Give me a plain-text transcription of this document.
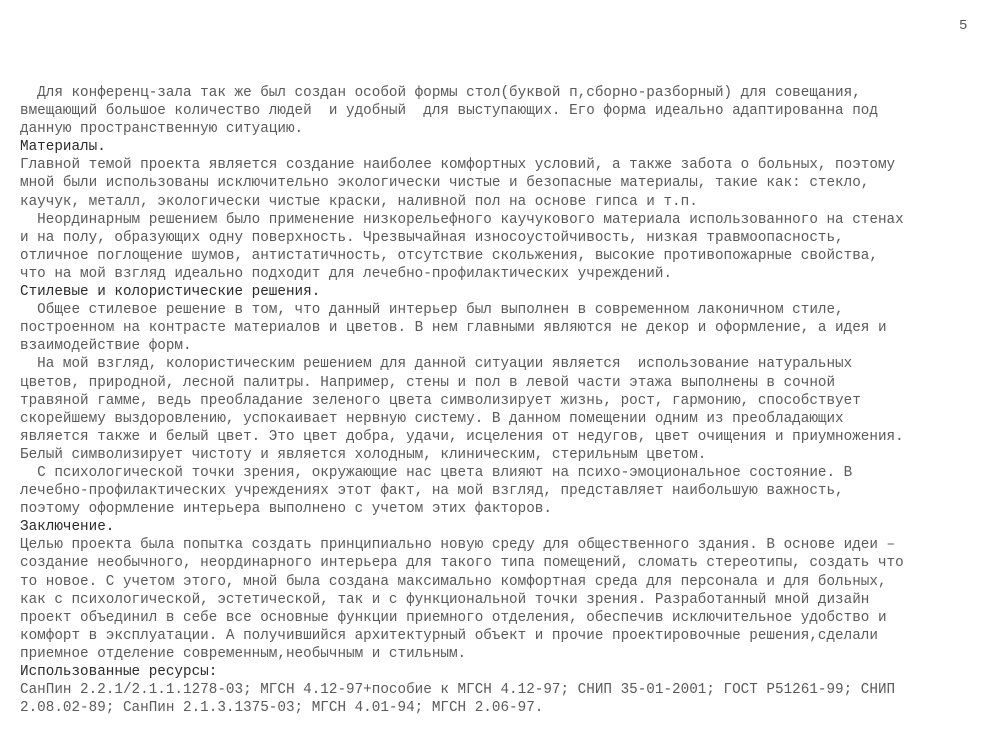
5
Для конференц-зала так же был создан особой формы стол(буквой п,сборно-разборный) для совещания,
вмещающий большое количество людей  и удобный  для выступающих. Его форма идеально адаптированна под
данную пространственную ситуацию.
Материалы.
Главной темой проекта является создание наиболее комфортных условий, а также забота о больных, поэтому
мной были использованы исключительно экологически чистые и безопасные материалы, такие как: стекло,
каучук, металл, экологически чистые краски, наливной пол на основе гипса и т.п.
Неординарным решением было применение низкорельефного каучукового материала использованного на стенах
и на полу, образующих одну поверхность. Чрезвычайная износоустойчивость, низкая травмоопасность,
отличное поглощение шумов, антистатичность, отсутствие скольжения, высокие противопожарные свойства,
что на мой взгляд идеально подходит для лечебно-профилактических учреждений.
Стилевые и колористические решения.
Общее стилевое решение в том, что данный интерьер был выполнен в современном лаконичном стиле,
построенном на контрасте материалов и цветов. В нем главными являются не декор и оформление, а идея и
взаимодействие форм.
На мой взгляд, колористическим решением для данной ситуации является  использование натуральных
цветов, природной, лесной палитры. Например, стены и пол в левой части этажа выполнены в сочной
травяной гамме, ведь преобладание зеленого цвета символизирует жизнь, рост, гармонию, способствует
скорейшему выздоровлению, успокаивает нервную систему. В данном помещении одним из преобладающих
является также и белый цвет. Это цвет добра, удачи, исцеления от недугов, цвет очищения и приумножения.
Белый символизирует чистоту и является холодным, клиническим, стерильным цветом.
С психологической точки зрения, окружающие нас цвета влияют на психо-эмоциональное состояние. В
лечебно-профилактических учреждениях этот факт, на мой взгляд, представляет наибольшую важность,
поэтому оформление интерьера выполнено с учетом этих факторов.
Заключение.
Целью проекта была попытка создать принципиально новую среду для общественного здания. В основе идеи –
создание необычного, неординарного интерьера для такого типа помещений, сломать стереотипы, создать что
то новое. С учетом этого, мной была создана максимально комфортная среда для персонала и для больных,
как с психологической, эстетической, так и с функциональной точки зрения. Разработанный мной дизайн
проект объединил в себе все основные функции приемного отделения, обеспечив исключительное удобство и
комфорт в эксплуатации. А получившийся архитектурный объект и прочие проектировочные решения,сделали
приемное отделение современным,необычным и стильным.
Использованные ресурсы:
СанПин 2.2.1/2.1.1.1278-03; МГСН 4.12-97+пособие к МГСН 4.12-97; СНИП 35-01-2001; ГОСТ Р51261-99; СНИП
2.08.02-89; СанПин 2.1.3.1375-03; МГСН 4.01-94; МГСН 2.06-97.
